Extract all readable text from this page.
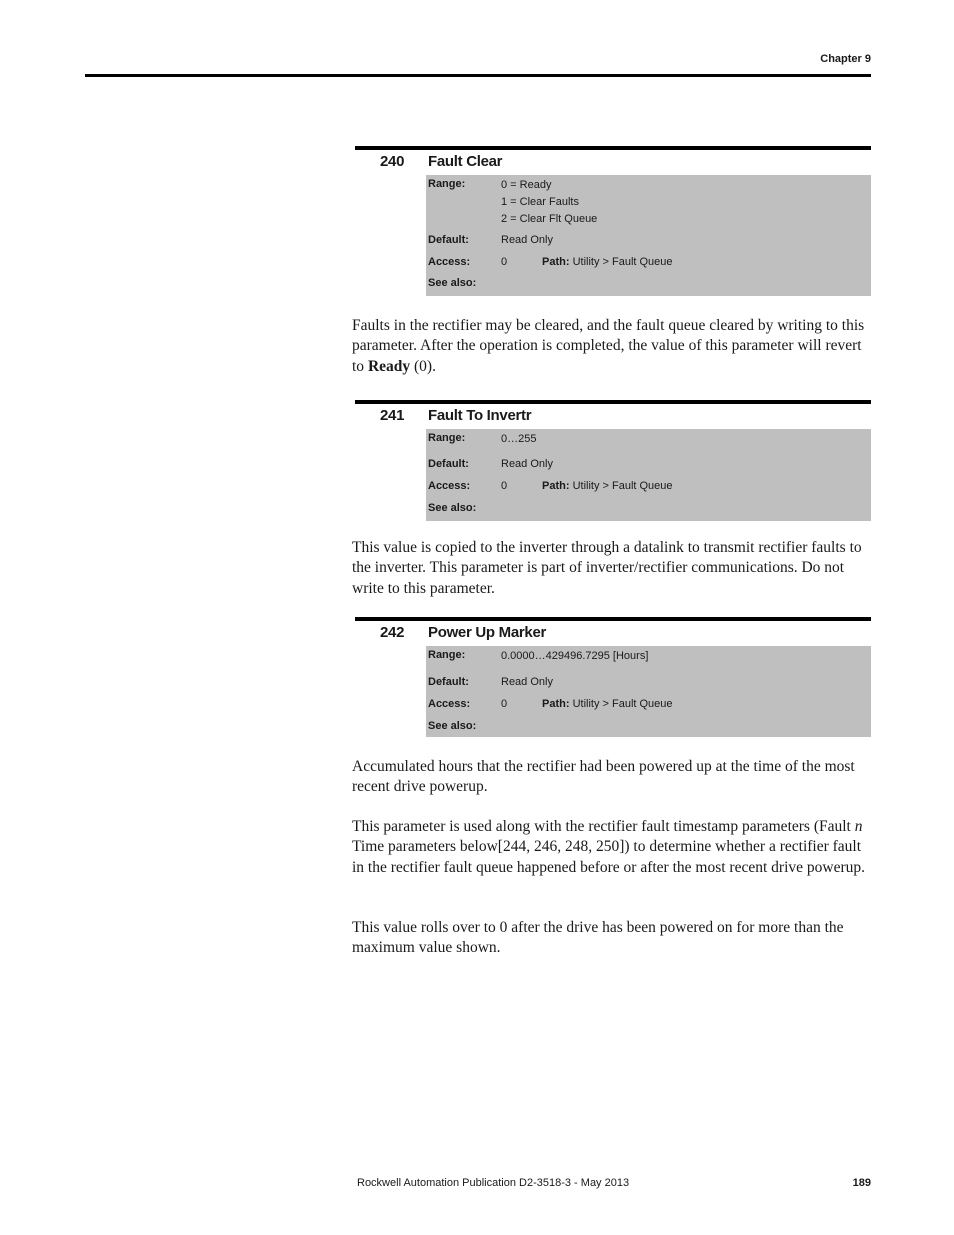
Chapter 9
240 Fault Clear
Range:	0 = Ready
1 = Clear Faults
2 = Clear Flt Queue
Default:	Read Only
Access:	0	Path: Utility > Fault Queue
See also:

Faults in the rectifier may be cleared, and the fault queue cleared by writing to this parameter. After the operation is completed, the value of this parameter will revert to Ready (0).

241 Fault To Invertr
Range:	0…255
Default:	Read Only
Access:	0	Path: Utility > Fault Queue
See also:

This value is copied to the inverter through a datalink to transmit rectifier faults to the inverter. This parameter is part of inverter/rectifier communications. Do not write to this parameter.

242 Power Up Marker
Range:	0.0000…429496.7295 [Hours]
Default:	Read Only
Access:	0	Path: Utility > Fault Queue
See also:

Accumulated hours that the rectifier had been powered up at the time of the most recent drive powerup.

This parameter is used along with the rectifier fault timestamp parameters (Fault n Time parameters below[244, 246, 248, 250]) to determine whether a rectifier fault in the rectifier fault queue happened before or after the most recent drive powerup.

This value rolls over to 0 after the drive has been powered on for more than the maximum value shown.

Rockwell Automation Publication D2-3518-3 - May 2013	189
